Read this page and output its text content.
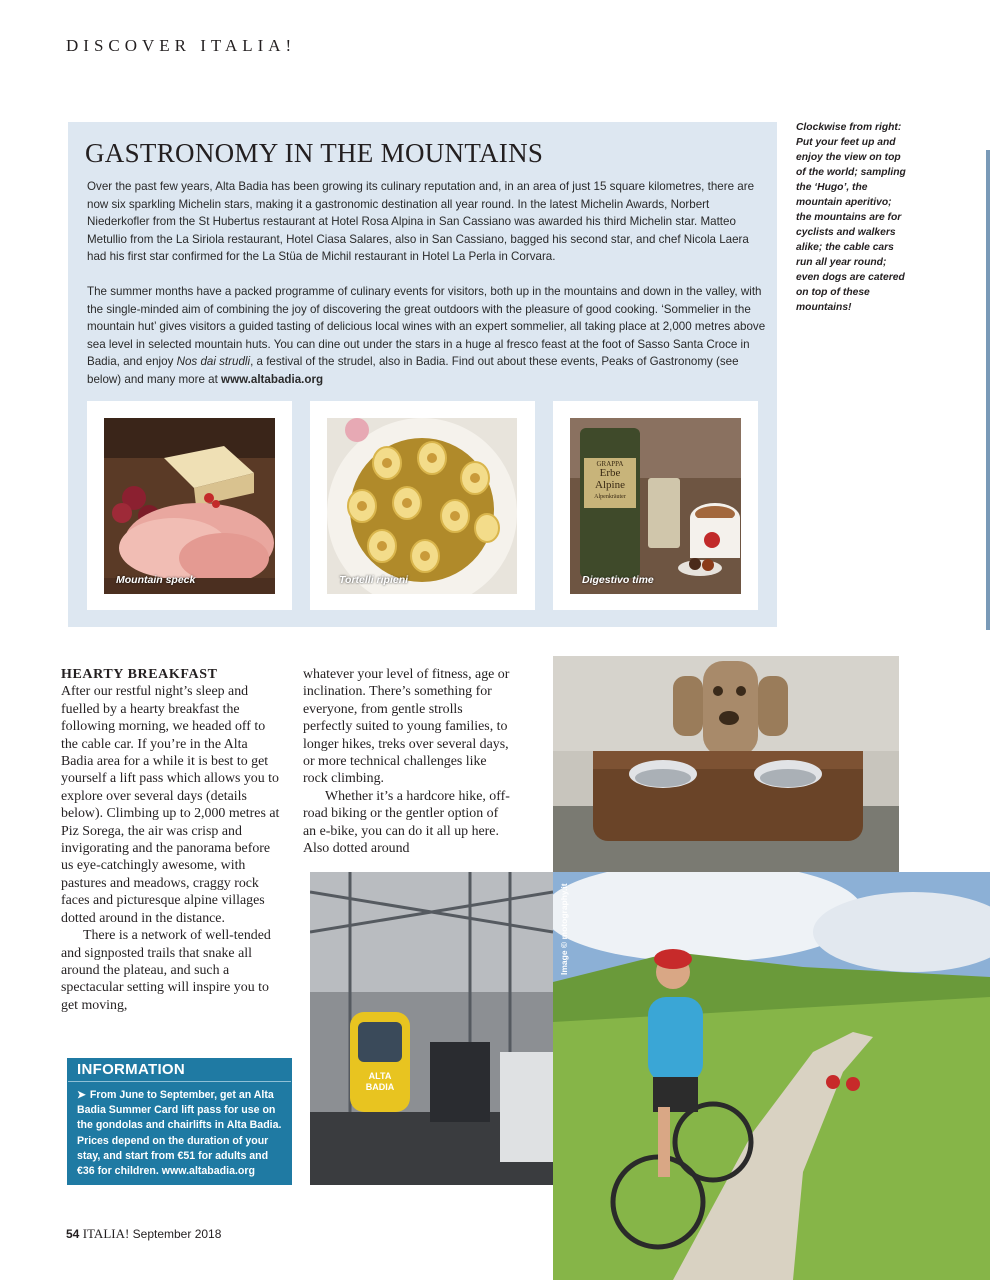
DISCOVER ITALIA!
GASTRONOMY IN THE MOUNTAINS

Over the past few years, Alta Badia has been growing its culinary reputation and, in an area of just 15 square kilometres, there are now six sparkling Michelin stars, making it a gastronomic destination all year round. In the latest Michelin Awards, Norbert Niederkofler from the St Hubertus restaurant at Hotel Rosa Alpina in San Cassiano was awarded his third Michelin star. Matteo Metullio from the La Siriola restaurant, Hotel Ciasa Salares, also in San Cassiano, bagged his second star, and chef Nicola Laera had his first star confirmed for the La Stüa de Michil restaurant in Hotel La Perla in Corvara.

The summer months have a packed programme of culinary events for visitors, both up in the mountains and down in the valley, with the single-minded aim of combining the joy of discovering the great outdoors with the pleasure of good cooking. ‘Sommelier in the mountain hut’ gives visitors a guided tasting of delicious local wines with an expert sommelier, all taking place at 2,000 metres above sea level in selected mountain huts. You can dine out under the stars in a huge al fresco feast at the foot of Sasso Santa Croce in Badia, and enjoy Nos dai strudli, a festival of the strudel, also in Badia. Find out about these events, Peaks of Gastronomy (see below) and many more at www.altabadia.org

Mountain speck	Tortelli ripieni
GRAPPA
Erbe
Alpine
Alpenkräuter
Digestivo time
Clockwise from right: Put your feet up and enjoy the view on top of the world; sampling the ‘Hugo’, the mountain aperitivo; the mountains are for cyclists and walkers alike; the cable cars run all year round; even dogs are catered on top of these mountains!

HEARTY BREAKFAST

After our restful night’s sleep and fuelled by a hearty breakfast the following morning, we headed off to the cable car. If you’re in the Alta Badia area for a while it is best to get yourself a lift pass which allows you to explore over several days (details below). Climbing up to 2,000 metres at Piz Sorega, the air was crisp and invigorating and the panorama before us eye-catchingly awesome, with pastures and meadows, craggy rock faces and picturesque alpine villages dotted around in the distance.

There is a network of well-tended and signposted trails that snake all around the plateau, and such a spectacular setting will inspire you to get moving,

whatever your level of fitness, age or inclination. There’s something for everyone, from gentle strolls perfectly suited to young families, to longer hikes, treks over several days, or more technical challenges like rock climbing.

Whether it’s a hardcore hike, off-road biking or the gentler option of an e-bike, you can do it all up here. Also dotted around

INFORMATION
➤ From June to September, get an Alta Badia Summer Card lift pass for use on the gondolas and chairlifts in Alta Badia. Prices depend on the duration of your stay, and start from €51 for adults and €36 for children. www.altabadia.org
ALTA
BADIA
Image © motography.it
54 ITALIA! September 2018
